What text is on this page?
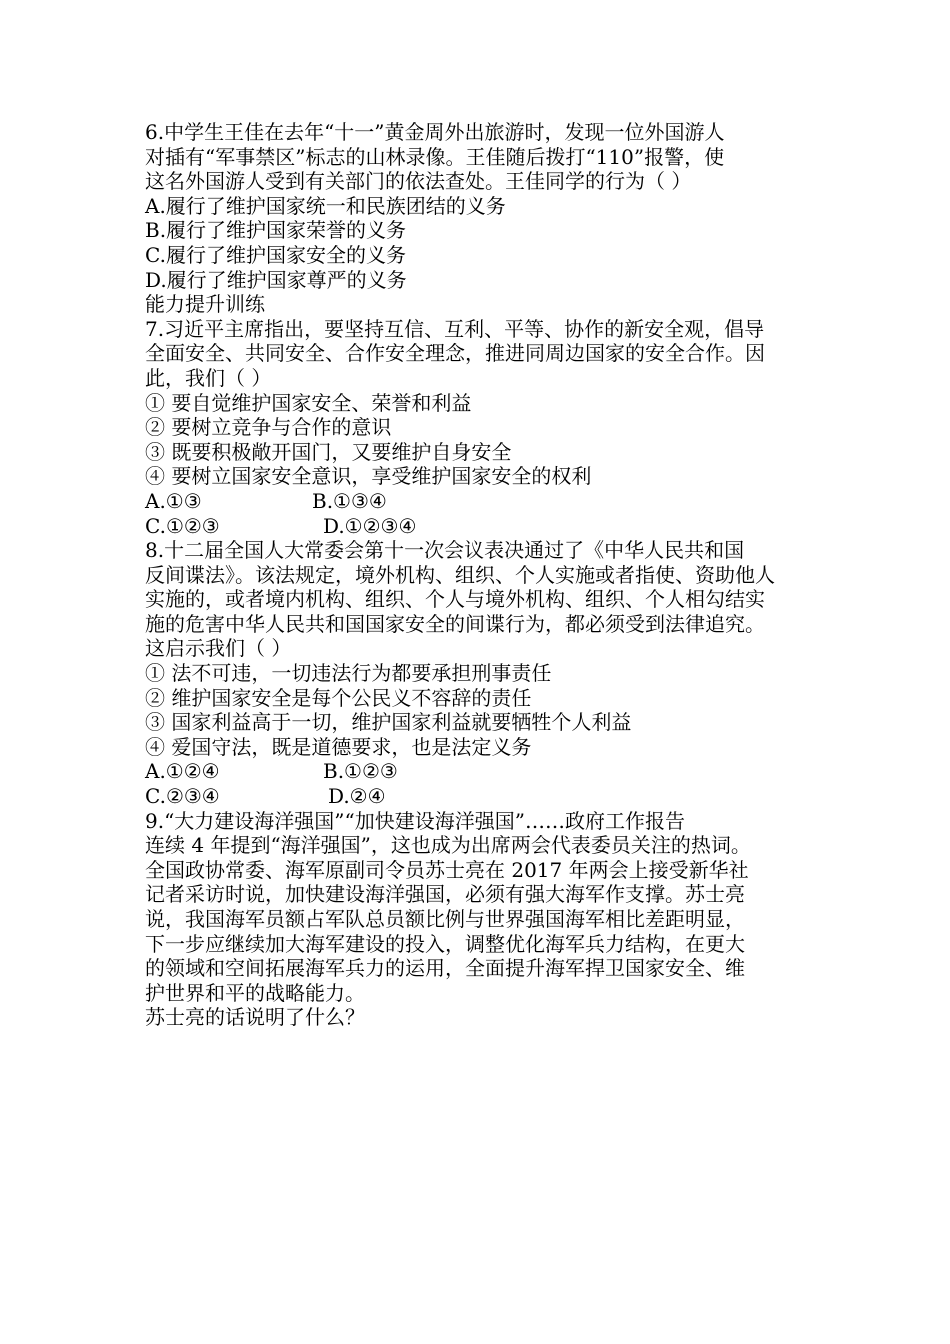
6.中学生王佳在去年“十一”黄金周外出旅游时，发现一位外国游人
对插有“军事禁区”标志的山林录像。王佳随后拨打“110”报警，使
这名外国游人受到有关部门的依法查处。王佳同学的行为（ ）
A.履行了维护国家统一和民族团结的义务
B.履行了维护国家荣誉的义务
C.履行了维护国家安全的义务
D.履行了维护国家尊严的义务
能力提升训练
7.习近平主席指出，要坚持互信、互利、平等、协作的新安全观，倡导
全面安全、共同安全、合作安全理念，推进同周边国家的安全合作。因
此，我们（ ）
① 要自觉维护国家安全、荣誉和利益
② 要树立竞争与合作的意识
③ 既要积极敞开国门，又要维护自身安全
④ 要树立国家安全意识，享受维护国家安全的权利
A.①③	B.①③④
C.①②③	D.①②③④
8.十二届全国人大常委会第十一次会议表决通过了《中华人民共和国
反间谍法》。该法规定，境外机构、组织、个人实施或者指使、资助他人
实施的，或者境内机构、组织、个人与境外机构、组织、个人相勾结实
施的危害中华人民共和国国家安全的间谍行为，都必须受到法律追究。
这启示我们（ ）
① 法不可违，一切违法行为都要承担刑事责任
② 维护国家安全是每个公民义不容辞的责任
③ 国家利益高于一切，维护国家利益就要牺牲个人利益
④ 爱国守法，既是道德要求，也是法定义务
A.①②④	B.①②③
C.②③④	D.②④
9.“大力建设海洋强国”“加快建设海洋强国”……政府工作报告
连续 4 年提到“海洋强国”，这也成为出席两会代表委员关注的热词。
全国政协常委、海军原副司令员苏士亮在 2017 年两会上接受新华社
记者采访时说，加快建设海洋强国，必须有强大海军作支撑。苏士亮
说，我国海军员额占军队总员额比例与世界强国海军相比差距明显，
下一步应继续加大海军建设的投入，调整优化海军兵力结构，在更大
的领域和空间拓展海军兵力的运用，全面提升海军捍卫国家安全、维
护世界和平的战略能力。
苏士亮的话说明了什么？
